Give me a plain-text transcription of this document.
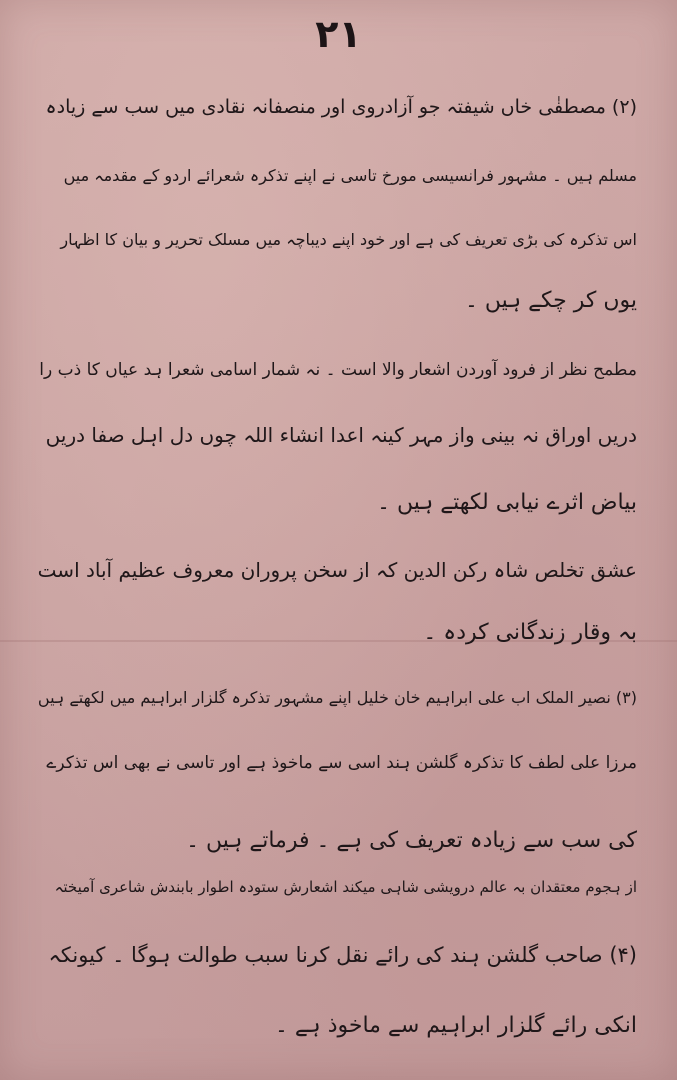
۲۱
(۲) مصطفٰی خاں شیفتہ جو آزادروی اور منصفانہ نقادی میں سب سے زیادہ
مسلم ہیں ۔ مشہور فرانسیسی مورخ تاسی نے اپنے تذکرہ شعرائے اردو کے مقدمہ میں
اس تذکرہ کی بڑی تعریف کی ہے اور خود اپنے دیباچہ میں مسلک تحریر و بیان کا اظہار
یوں کر چکے ہیں ۔
مطمح نظر از فرود آوردن اشعار والا است ۔ نہ شمار اسامی شعرا ہد عیاں کا ذب را
دریں اوراق نہ بینی واز مہر کینہ اعدا انشاء اللہ چوں دل اہل صفا دریں
بیاض اثرے نیابی لکھتے ہیں ۔
عشق تخلص شاہ رکن الدین کہ از سخن پروران معروف عظیم آباد است
بہ وقار زندگانی کردہ ۔
(۳) نصیر الملک اب علی ابراہیم خان خلیل اپنے مشہور تذکرہ گلزار ابراہیم میں لکھتے ہیں
مرزا علی لطف کا تذکرہ گلشن ہند اسی سے ماخوذ ہے اور تاسی نے بھی اس تذکرے
کی سب سے زیادہ تعریف کی ہے ۔ فرماتے ہیں ۔
از ہجوم معتقدان بہ عالم درویشی شاہی میکند اشعارش ستودہ اطوار بابندش شاعری آمیختہ
(۴) صاحب گلشن ہند کی رائے نقل کرنا سبب طوالت ہوگا ۔ کیونکہ
انکی رائے گلزار ابراہیم سے ماخوذ ہے ۔
